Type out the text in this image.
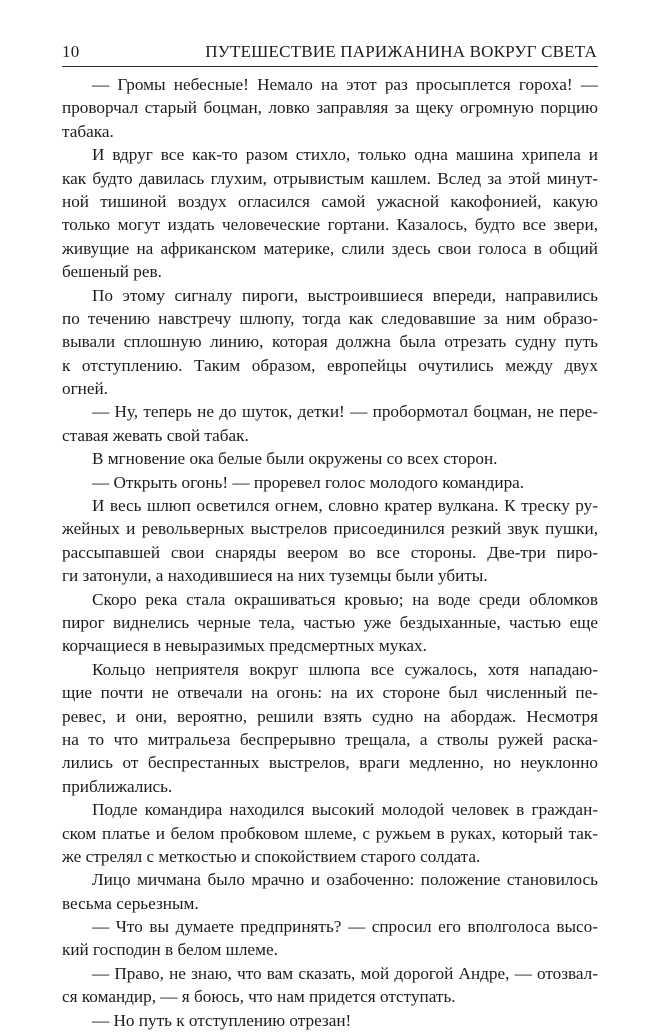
10	ПУТЕШЕСТВИЕ ПАРИЖАНИНА ВОКРУГ СВЕТА
— Громы небесные! Немало на этот раз просыплется гороха! —
проворчал старый боцман, ловко заправляя за щеку огромную порцию
табака.
И вдруг все как-то разом стихло, только одна машина хрипела и
как будто давилась глухим, отрывистым кашлем. Вслед за этой минут-
ной тишиной воздух огласился самой ужасной какофонией, какую
только могут издать человеческие гортани. Казалось, будто все звери,
живущие на африканском материке, слили здесь свои голоса в общий
бешеный рев.
По этому сигналу пироги, выстроившиеся впереди, направились
по течению навстречу шлюпу, тогда как следовавшие за ним образо-
вывали сплошную линию, которая должна была отрезать судну путь
к отступлению. Таким образом, европейцы очутились между двух
огней.
— Ну, теперь не до шуток, детки! — пробормотал боцман, не пере-
ставая жевать свой табак.
В мгновение ока белые были окружены со всех сторон.
— Открыть огонь! — проревел голос молодого командира.
И весь шлюп осветился огнем, словно кратер вулкана. К треску ру-
жейных и револьверных выстрелов присоединился резкий звук пушки,
рассыпавшей свои снаряды веером во все стороны. Две-три пиро-
ги затонули, а находившиеся на них туземцы были убиты.
Скоро река стала окрашиваться кровью; на воде среди обломков
пирог виднелись черные тела, частью уже бездыханные, частью еще
корчащиеся в невыразимых предсмертных муках.
Кольцо неприятеля вокруг шлюпа все сужалось, хотя нападаю-
щие почти не отвечали на огонь: на их стороне был численный пе-
ревес, и они, вероятно, решили взять судно на абордаж. Несмотря
на то что митральеза беспрерывно трещала, а стволы ружей раска-
лились от беспрестанных выстрелов, враги медленно, но неуклонно
приближались.
Подле командира находился высокий молодой человек в граждан-
ском платье и белом пробковом шлеме, с ружьем в руках, который так-
же стрелял с меткостью и спокойствием старого солдата.
Лицо мичмана было мрачно и озабоченно: положение становилось
весьма серьезным.
— Что вы думаете предпринять? — спросил его вполголоса высо-
кий господин в белом шлеме.
— Право, не знаю, что вам сказать, мой дорогой Андре, — отозвал-
ся командир, — я боюсь, что нам придется отступать.
— Но путь к отступлению отрезан!
